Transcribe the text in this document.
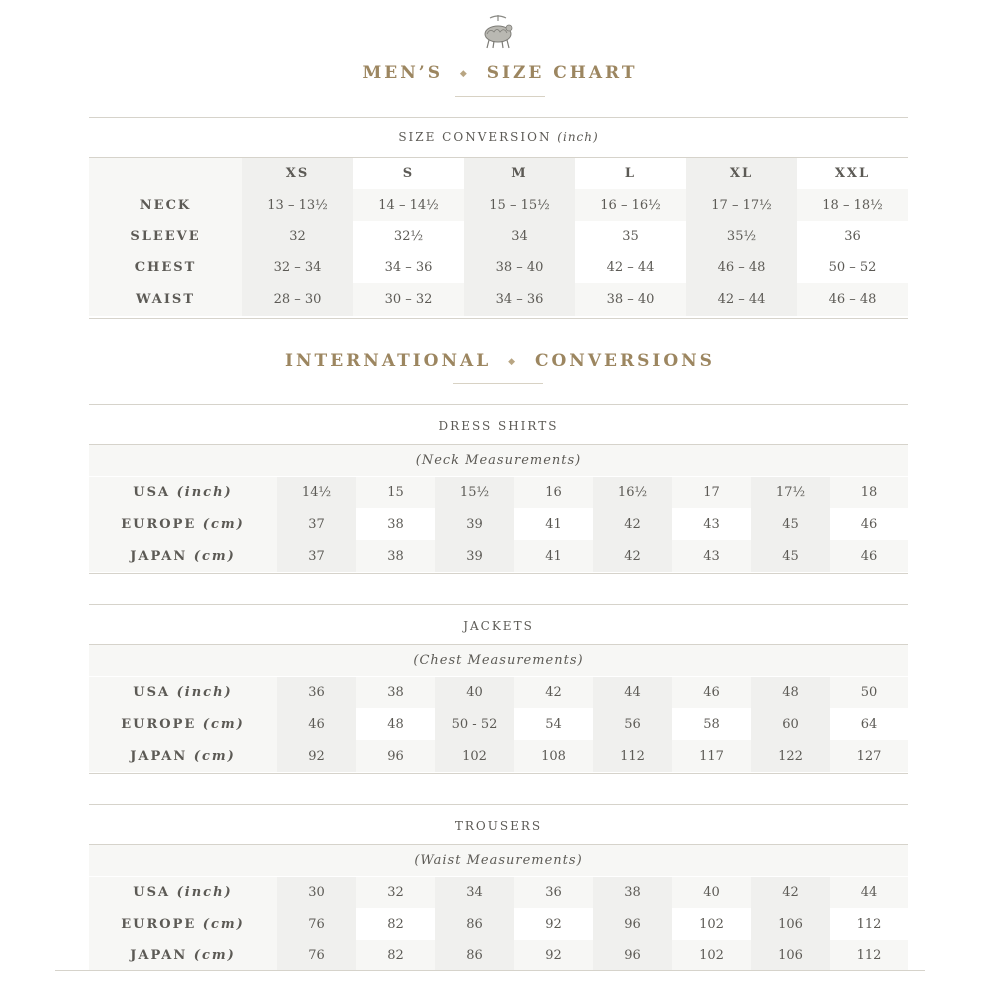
MEN’S ◆ SIZE CHART
SIZE CONVERSION (inch)
	XS	S	M	L	XL	XXL
NECK	13 – 13½	14 – 14½	15 – 15½	16 – 16½	17 – 17½	18 – 18½
SLEEVE	32	32½	34	35	35½	36
CHEST	32 – 34	34 – 36	38 – 40	42 – 44	46 – 48	50 – 52
WAIST	28 – 30	30 – 32	34 – 36	38 – 40	42 – 44	46 – 48
INTERNATIONAL ◆ CONVERSIONS
DRESS SHIRTS
(Neck Measurements)
USA (inch)	14½	15	15½	16	16½	17	17½	18
EUROPE (cm)	37	38	39	41	42	43	45	46
JAPAN (cm)	37	38	39	41	42	43	45	46
JACKETS
(Chest Measurements)
USA (inch)	36	38	40	42	44	46	48	50
EUROPE (cm)	46	48	50 - 52	54	56	58	60	64
JAPAN (cm)	92	96	102	108	112	117	122	127
TROUSERS
(Waist Measurements)
USA (inch)	30	32	34	36	38	40	42	44
EUROPE (cm)	76	82	86	92	96	102	106	112
JAPAN (cm)	76	82	86	92	96	102	106	112
